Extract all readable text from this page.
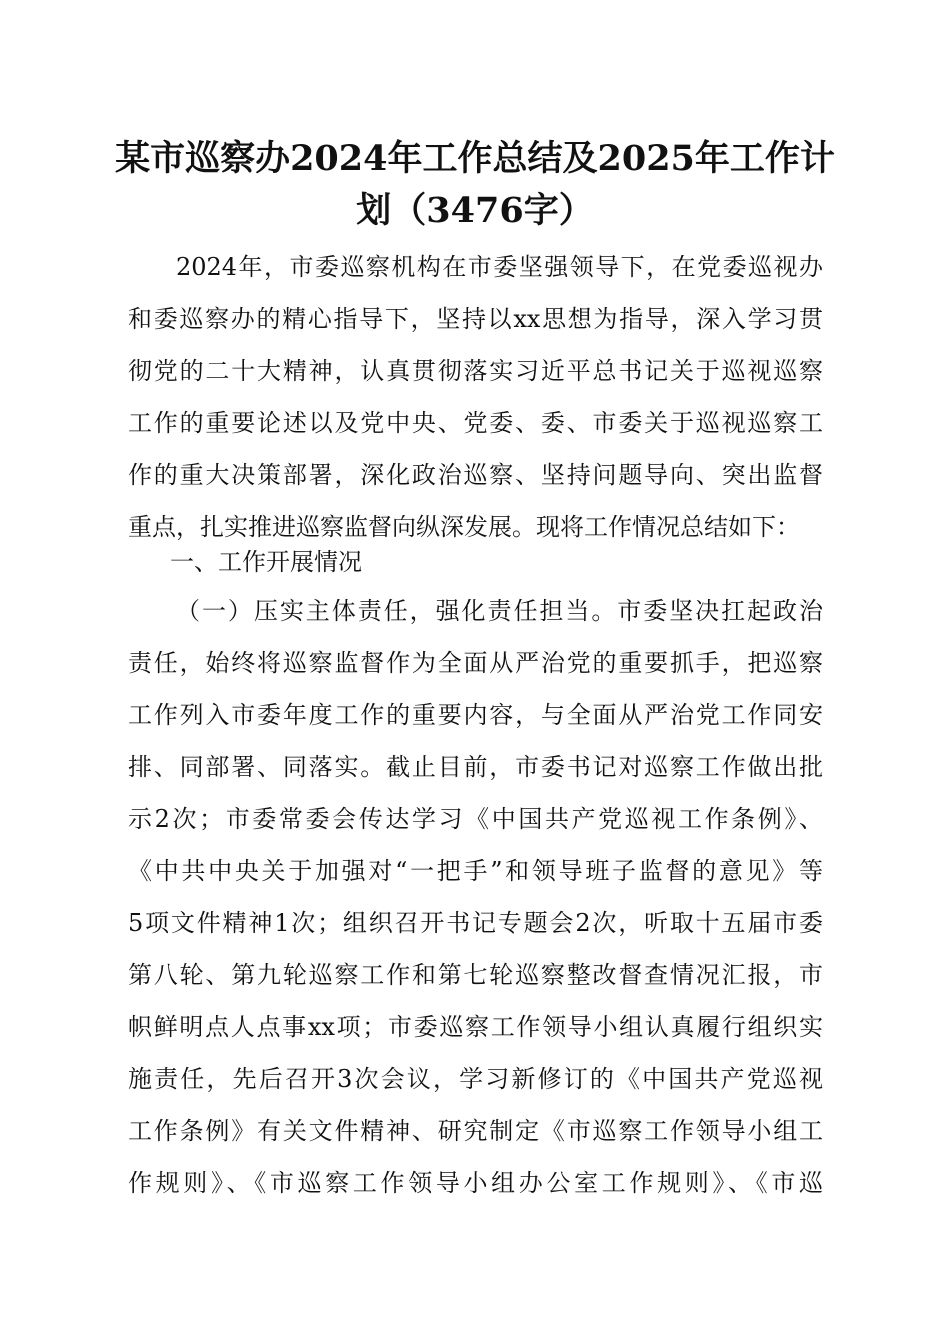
某市巡察办2024年工作总结及2025年工作计
划（3476字）
2024年，市委巡察机构在市委坚强领导下，在党委巡视办
和委巡察办的精心指导下，坚持以xx思想为指导，深入学习贯
彻党的二十大精神，认真贯彻落实习近平总书记关于巡视巡察
工作的重要论述以及党中央、党委、委、市委关于巡视巡察工
作的重大决策部署，深化政治巡察、坚持问题导向、突出监督
重点，扎实推进巡察监督向纵深发展。现将工作情况总结如下：
一、工作开展情况
（一）压实主体责任，强化责任担当。市委坚决扛起政治
责任，始终将巡察监督作为全面从严治党的重要抓手，把巡察
工作列入市委年度工作的重要内容，与全面从严治党工作同安
排、同部署、同落实。截止目前，市委书记对巡察工作做出批
示2次；市委常委会传达学习《中国共产党巡视工作条例》、
《中共中央关于加强对“一把手”和领导班子监督的意见》等
5项文件精神1次；组织召开书记专题会2次，听取十五届市委
第八轮、第九轮巡察工作和第七轮巡察整改督查情况汇报，市
帜鲜明点人点事xx项；市委巡察工作领导小组认真履行组织实
施责任，先后召开3次会议，学习新修订的《中国共产党巡视
工作条例》有关文件精神、研究制定《市巡察工作领导小组工
作规则》、《市巡察工作领导小组办公室工作规则》、《市巡
